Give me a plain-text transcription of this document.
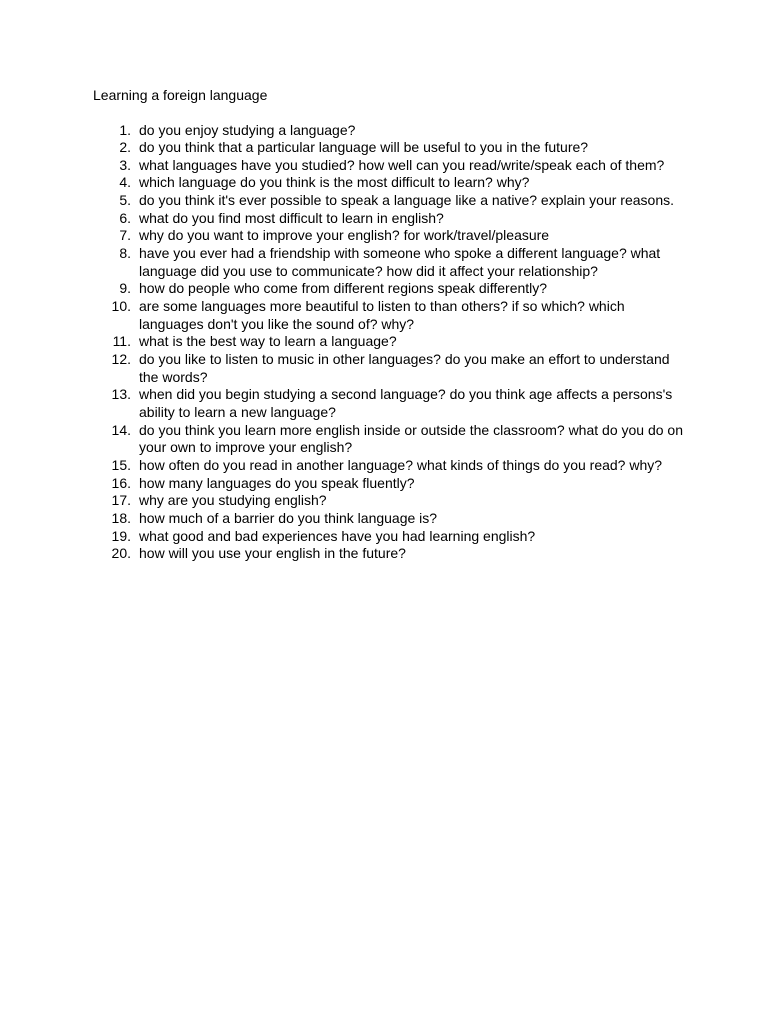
Learning a foreign language
1. do you enjoy studying a language?
2. do you think that a particular language will be useful to you in the future?
3. what languages have you studied? how well can you read/write/speak each of them?
4. which language do you think is the most difficult to learn? why?
5. do you think it's ever possible to speak a language like a native? explain your reasons.
6. what do you find most difficult to learn in english?
7. why do you want to improve your english? for work/travel/pleasure
8. have you ever had a friendship with someone who spoke a different language? what language did you use to communicate? how did it affect your relationship?
9. how do people who come from different regions speak differently?
10. are some languages more beautiful to listen to than others? if so which? which languages don't you like the sound of? why?
11. what is the best way to learn a language?
12. do you like to listen to music in other languages? do you make an effort to understand the words?
13. when did you begin studying a second language? do you think age affects a persons's ability to learn a new language?
14. do you think you learn more english inside or outside the classroom? what do you do on your own to improve your english?
15. how often do you read in another language? what kinds of things do you read? why?
16. how many languages do you speak fluently?
17. why are you studying english?
18. how much of a barrier do you think language is?
19. what good and bad experiences have you had learning english?
20. how will you use your english in the future?
